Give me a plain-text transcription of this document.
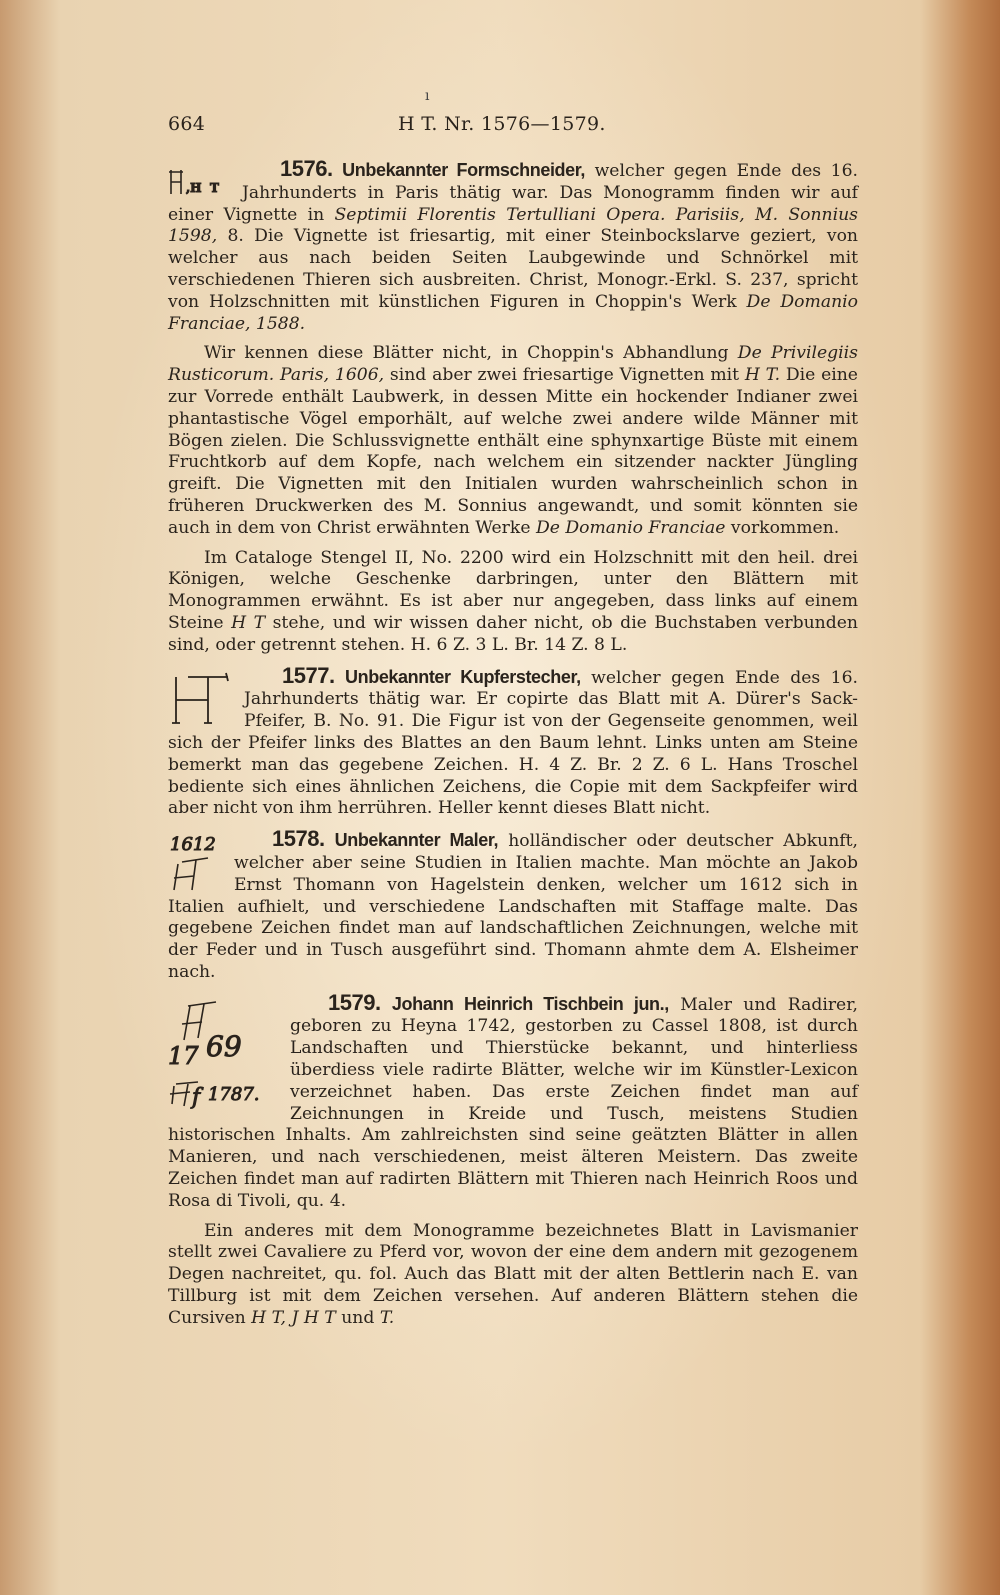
ı
664	H T. Nr. 1576—1579.

1576. Unbekannter Formschneider,
,H T
welcher gegen Ende des 16. Jahrhunderts in Paris thätig war. Das Monogramm finden wir auf einer Vignette in Septimii Florentis Tertulliani Opera. Parisiis, M. Sonnius 1598, 8. Die Vignette ist friesartig, mit einer Steinbockslarve geziert, von welcher aus nach beiden Seiten Laubgewinde und Schnörkel mit verschiedenen Thieren sich ausbreiten. Christ, Monogr.-Erkl. S. 237, spricht von Holzschnitten mit künstlichen Figuren in Choppin's Werk De Domanio Franciae, 1588.

Wir kennen diese Blätter nicht, in Choppin's Abhandlung De Privilegiis Rusticorum. Paris, 1606, sind aber zwei friesartige Vignetten mit H T. Die eine zur Vorrede enthält Laubwerk, in dessen Mitte ein hockender Indianer zwei phantastische Vögel emporhält, auf welche zwei andere wilde Männer mit Bögen zielen. Die Schlussvignette enthält eine sphynxartige Büste mit einem Fruchtkorb auf dem Kopfe, nach welchem ein sitzender nackter Jüngling greift. Die Vignetten mit den Initialen wurden wahrscheinlich schon in früheren Druckwerken des M. Sonnius angewandt, und somit könnten sie auch in dem von Christ erwähnten Werke De Domanio Franciae vorkommen.

Im Cataloge Stengel II, No. 2200 wird ein Holzschnitt mit den heil. drei Königen, welche Geschenke darbringen, unter den Blättern mit Monogrammen erwähnt. Es ist aber nur angegeben, dass links auf einem Steine H T stehe, und wir wissen daher nicht, ob die Buchstaben verbunden sind, oder getrennt stehen. H. 6 Z. 3 L. Br. 14 Z. 8 L.

1577. Unbekannter Kupferstecher,
welcher gegen Ende des 16. Jahrhunderts thätig war. Er copirte das Blatt mit A. Dürer's Sack-Pfeifer, B. No. 91. Die Figur ist von der Gegenseite genommen, weil sich der Pfeifer links des Blattes an den Baum lehnt. Links unten am Steine bemerkt man das gegebene Zeichen. H. 4 Z. Br. 2 Z. 6 L. Hans Troschel bediente sich eines ähnlichen Zeichens, die Copie mit dem Sackpfeifer wird aber nicht von ihm herrühren. Heller kennt dieses Blatt nicht.

1578. Unbekannter Maler,
1612	holländischer oder deutscher Abkunft, welcher aber seine Studien in Italien machte. Man möchte an Jakob Ernst Thomann von Hagelstein denken, welcher um 1612 sich in Italien aufhielt, und verschiedene Landschaften mit Staffage malte. Das gegebene Zeichen findet man auf landschaftlichen Zeichnungen, welche mit der Feder und in Tusch ausgeführt sind. Thomann ahmte dem A. Elsheimer nach.

1579. Johann Heinrich Tischbein jun.,
17 69
f 1787.
Maler und Radirer, geboren zu Heyna 1742, gestorben zu Cassel 1808, ist durch Landschaften und Thierstücke bekannt, und hinterliess überdiess viele radirte Blätter, welche wir im Künstler-Lexicon verzeichnet haben. Das erste Zeichen findet man auf Zeichnungen in Kreide und Tusch, meistens Studien historischen Inhalts. Am zahlreichsten sind seine geätzten Blätter in allen Manieren, und nach verschiedenen, meist älteren Meistern. Das zweite Zeichen findet man auf radirten Blättern mit Thieren nach Heinrich Roos und Rosa di Tivoli, qu. 4.

Ein anderes mit dem Monogramme bezeichnetes Blatt in Lavismanier stellt zwei Cavaliere zu Pferd vor, wovon der eine dem andern mit gezogenem Degen nachreitet, qu. fol. Auch das Blatt mit der alten Bettlerin nach E. van Tillburg ist mit dem Zeichen versehen. Auf anderen Blättern stehen die Cursiven H T, J H T und T.
